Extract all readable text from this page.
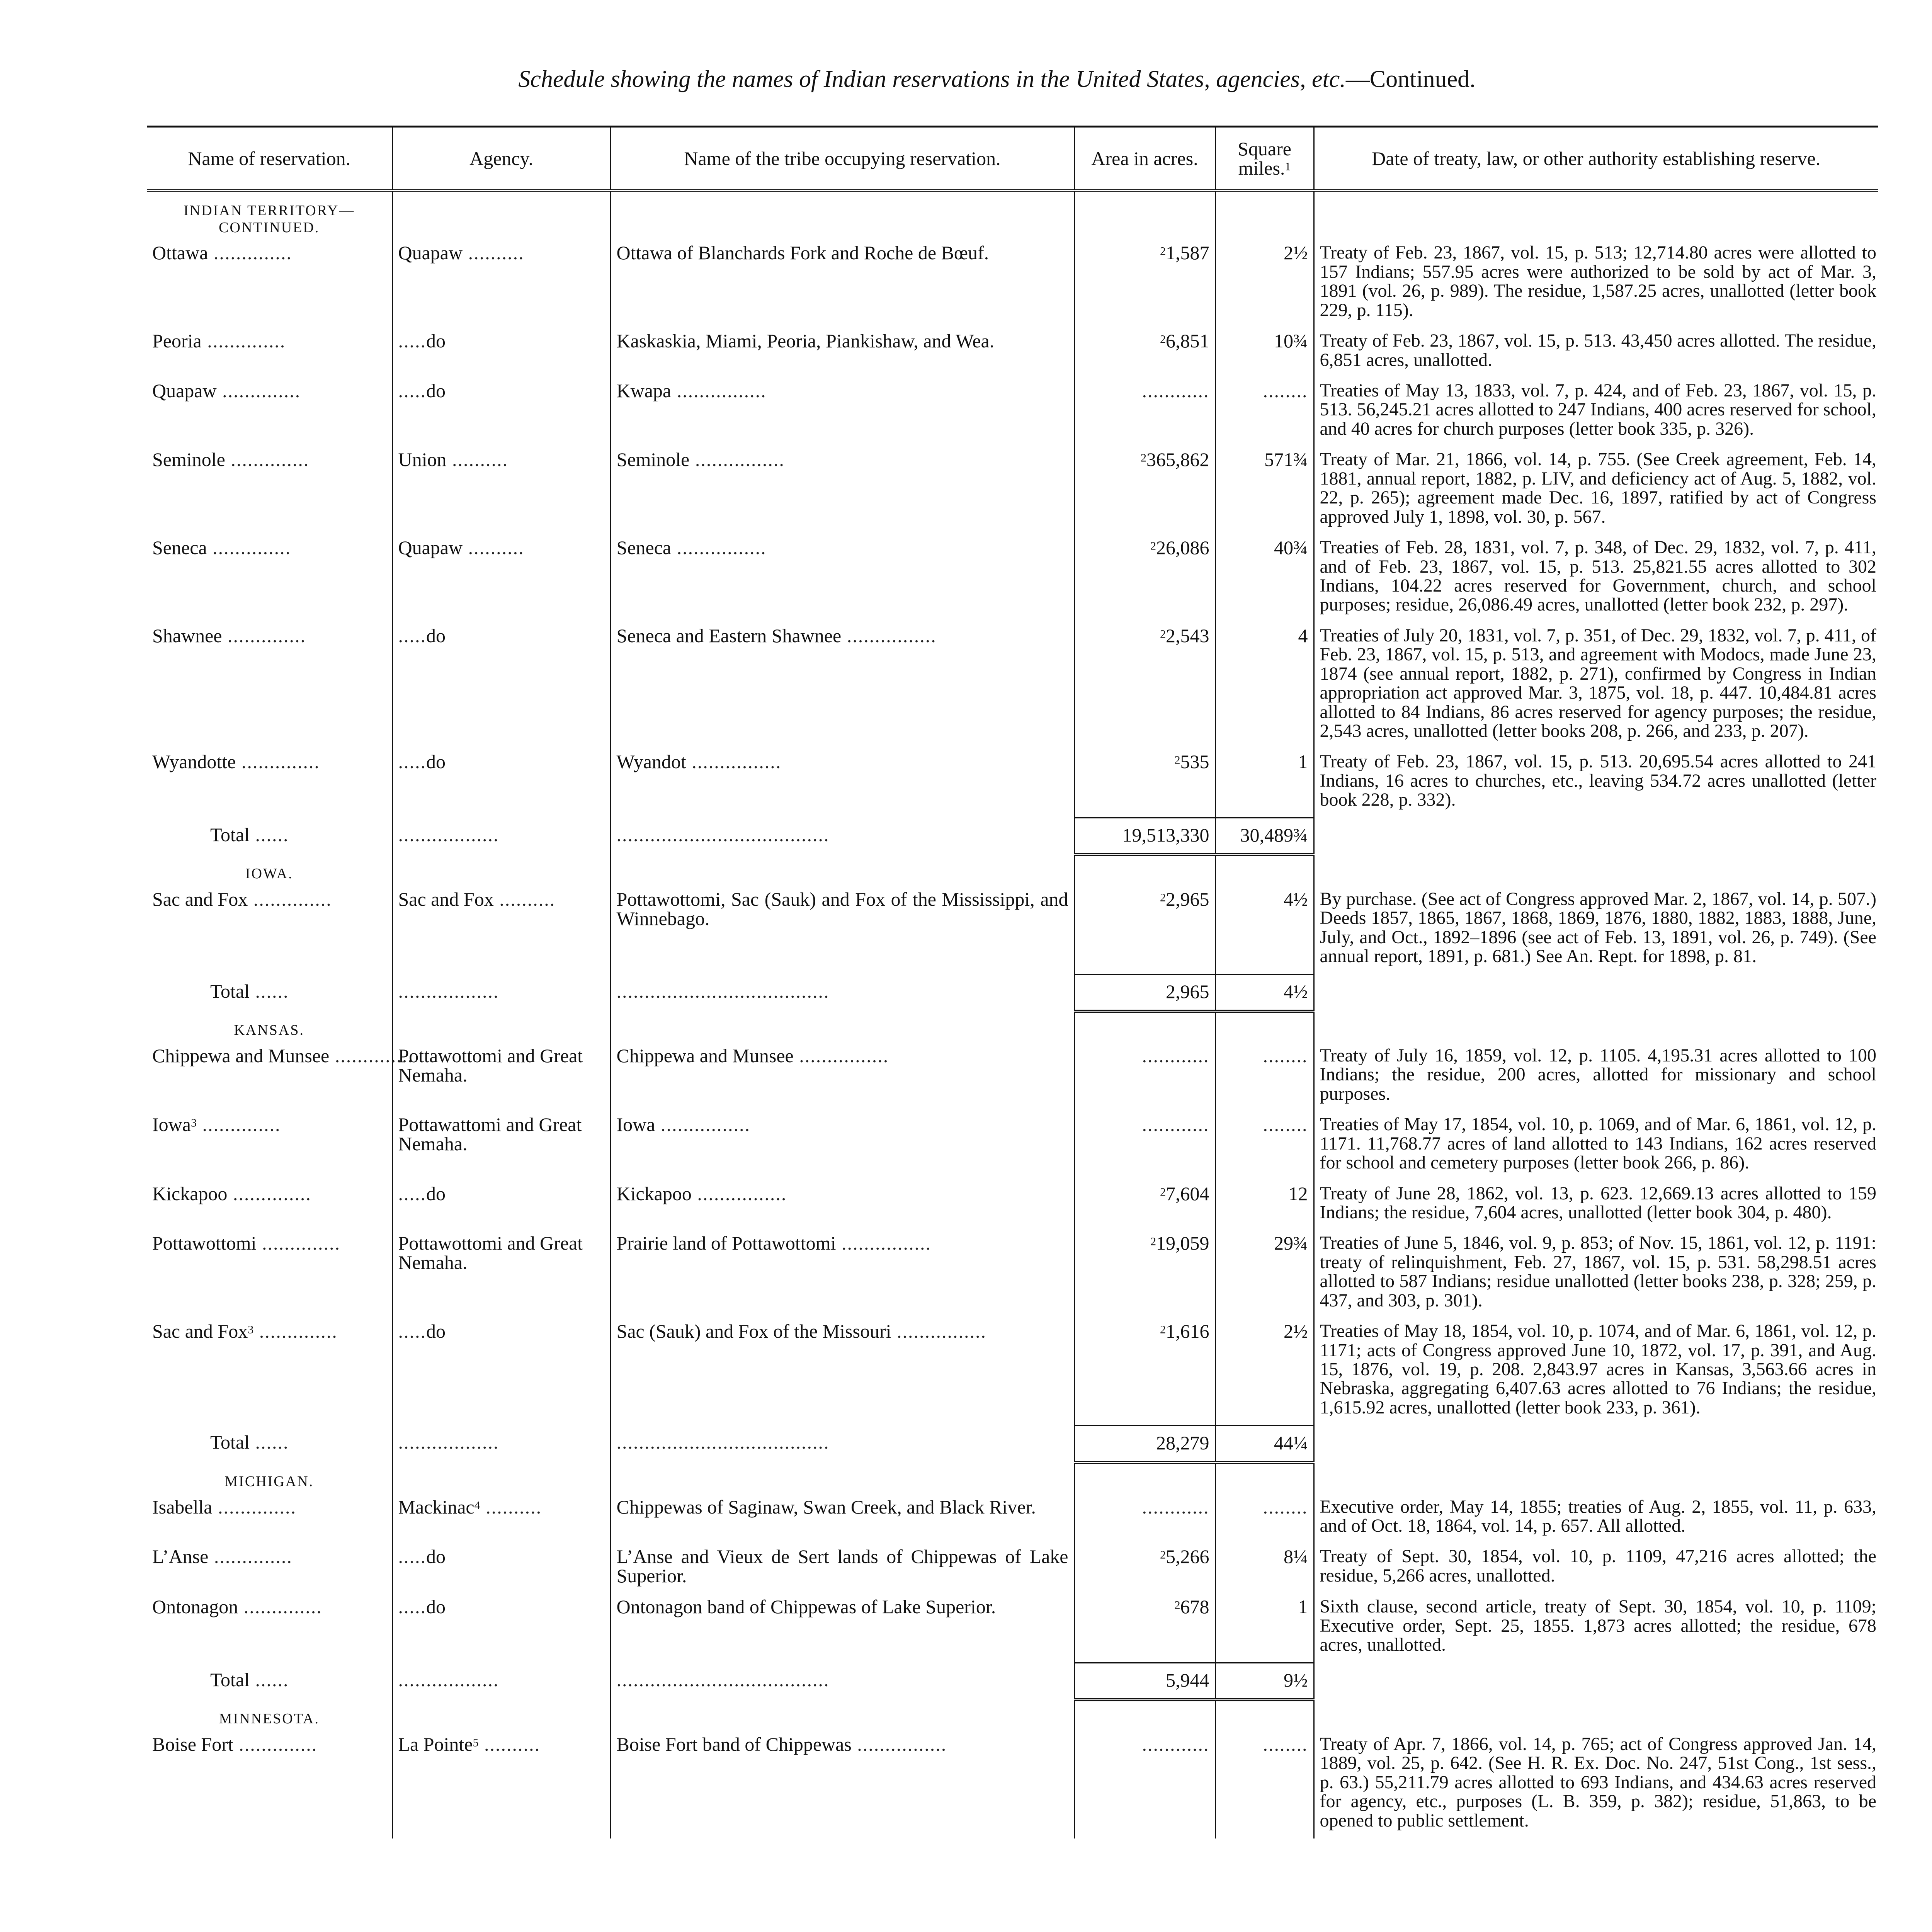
Schedule showing the names of Indian reservations in the United States, agencies, etc.—Continued.
Name of reservation.	Agency.	Name of the tribe occupying reservation.	Area in acres.	Square miles.$^1$	Date of treaty, law, or other authority establishing reserve.

INDIAN TERRITORY— CONTINUED.					

Ottawa ..............	Quapaw ..........	Ottawa of Blanchards Fork and Roche de Bœuf.	$^2$1,587	2½	Treaty of Feb. 23, 1867, vol. 15, p. 513; 12,714.80 acres were allotted to 157 Indians; 557.95 acres were authorized to be sold by act of Mar. 3, 1891 (vol. 26, p. 989). The residue, 1,587.25 acres, unallotted (letter book 229, p. 115).
Peoria ..............	.....do	Kaskaskia, Miami, Peoria, Piankishaw, and Wea.	$^2$6,851	10¾	Treaty of Feb. 23, 1867, vol. 15, p. 513. 43,450 acres allotted. The residue, 6,851 acres, unallotted.
Quapaw ..............	.....do	Kwapa ................	............	........	Treaties of May 13, 1833, vol. 7, p. 424, and of Feb. 23, 1867, vol. 15, p. 513. 56,245.21 acres allotted to 247 Indians, 400 acres reserved for school, and 40 acres for church purposes (letter book 335, p. 326).
Seminole ..............	Union ..........	Seminole ................	$^2$365,862	571¾	Treaty of Mar. 21, 1866, vol. 14, p. 755. (See Creek agreement, Feb. 14, 1881, annual report, 1882, p. LIV, and deficiency act of Aug. 5, 1882, vol. 22, p. 265); agreement made Dec. 16, 1897, ratified by act of Congress approved July 1, 1898, vol. 30, p. 567.
Seneca ..............	Quapaw ..........	Seneca ................	$^2$26,086	40¾	Treaties of Feb. 28, 1831, vol. 7, p. 348, of Dec. 29, 1832, vol. 7, p. 411, and of Feb. 23, 1867, vol. 15, p. 513. 25,821.55 acres allotted to 302 Indians, 104.22 acres reserved for Government, church, and school purposes; residue, 26,086.49 acres, unallotted (letter book 232, p. 297).
Shawnee ..............	.....do	Seneca and Eastern Shawnee ................	$^2$2,543	4	Treaties of July 20, 1831, vol. 7, p. 351, of Dec. 29, 1832, vol. 7, p. 411, of Feb. 23, 1867, vol. 15, p. 513, and agreement with Modocs, made June 23, 1874 (see annual report, 1882, p. 271), confirmed by Congress in Indian appropriation act approved Mar. 3, 1875, vol. 18, p. 447. 10,484.81 acres allotted to 84 Indians, 86 acres reserved for agency purposes; the residue, 2,543 acres, unallotted (letter books 208, p. 266, and 233, p. 207).
Wyandotte ..............	.....do	Wyandot ................	$^2$535	1	Treaty of Feb. 23, 1867, vol. 15, p. 513. 20,695.54 acres allotted to 241 Indians, 16 acres to churches, etc., leaving 534.72 acres unallotted (letter book 228, p. 332).
Total ......	..................	......................................	19,513,330	30,489¾	

IOWA.					

Sac and Fox ..............	Sac and Fox ..........	Pottawottomi, Sac (Sauk) and Fox of the Mississippi, and Winnebago.	$^2$2,965	4½	By purchase. (See act of Congress approved Mar. 2, 1867, vol. 14, p. 507.) Deeds 1857, 1865, 1867, 1868, 1869, 1876, 1880, 1882, 1883, 1888, June, July, and Oct., 1892–1896 (see act of Feb. 13, 1891, vol. 26, p. 749). (See annual report, 1891, p. 681.) See An. Rept. for 1898, p. 81.
Total ......	..................	......................................	2,965	4½	

KANSAS.					

Chippewa and Munsee ..............	Pottawottomi and Great Nemaha.	Chippewa and Munsee ................	............	........	Treaty of July 16, 1859, vol. 12, p. 1105. 4,195.31 acres allotted to 100 Indians; the residue, 200 acres, allotted for missionary and school purposes.
Iowa$^3$ ..............	Pottawattomi and Great Nemaha.	Iowa ................	............	........	Treaties of May 17, 1854, vol. 10, p. 1069, and of Mar. 6, 1861, vol. 12, p. 1171. 11,768.77 acres of land allotted to 143 Indians, 162 acres reserved for school and cemetery purposes (letter book 266, p. 86).
Kickapoo ..............	.....do	Kickapoo ................	$^2$7,604	12	Treaty of June 28, 1862, vol. 13, p. 623. 12,669.13 acres allotted to 159 Indians; the residue, 7,604 acres, unallotted (letter book 304, p. 480).
Pottawottomi ..............	Pottawottomi and Great Nemaha.	Prairie land of Pottawottomi ................	$^2$19,059	29¾	Treaties of June 5, 1846, vol. 9, p. 853; of Nov. 15, 1861, vol. 12, p. 1191: treaty of relinquishment, Feb. 27, 1867, vol. 15, p. 531. 58,298.51 acres allotted to 587 Indians; residue unallotted (letter books 238, p. 328; 259, p. 437, and 303, p. 301).
Sac and Fox$^3$ ..............	.....do	Sac (Sauk) and Fox of the Missouri ................	$^2$1,616	2½	Treaties of May 18, 1854, vol. 10, p. 1074, and of Mar. 6, 1861, vol. 12, p. 1171; acts of Congress approved June 10, 1872, vol. 17, p. 391, and Aug. 15, 1876, vol. 19, p. 208. 2,843.97 acres in Kansas, 3,563.66 acres in Nebraska, aggregating 6,407.63 acres allotted to 76 Indians; the residue, 1,615.92 acres, unallotted (letter book 233, p. 361).
Total ......	..................	......................................	28,279	44¼	

MICHIGAN.					

Isabella ..............	Mackinac$^4$ ..........	Chippewas of Saginaw, Swan Creek, and Black River.	............	........	Executive order, May 14, 1855; treaties of Aug. 2, 1855, vol. 11, p. 633, and of Oct. 18, 1864, vol. 14, p. 657. All allotted.
L’Anse ..............	.....do	L’Anse and Vieux de Sert lands of Chippewas of Lake Superior.	$^2$5,266	8¼	Treaty of Sept. 30, 1854, vol. 10, p. 1109, 47,216 acres allotted; the residue, 5,266 acres, unallotted.
Ontonagon ..............	.....do	Ontonagon band of Chippewas of Lake Superior.	$^2$678	1	Sixth clause, second article, treaty of Sept. 30, 1854, vol. 10, p. 1109; Executive order, Sept. 25, 1855. 1,873 acres allotted; the residue, 678 acres, unallotted.
Total ......	..................	......................................	5,944	9½	

MINNESOTA.					

Boise Fort ..............	La Pointe$^5$ ..........	Boise Fort band of Chippewas ................	............	........	Treaty of Apr. 7, 1866, vol. 14, p. 765; act of Congress approved Jan. 14, 1889, vol. 25, p. 642. (See H. R. Ex. Doc. No. 247, 51st Cong., 1st sess., p. 63.) 55,211.79 acres allotted to 693 Indians, and 434.63 acres reserved for agency, etc., purposes (L. B. 359, p. 382); residue, 51,863, to be opened to public settlement.
